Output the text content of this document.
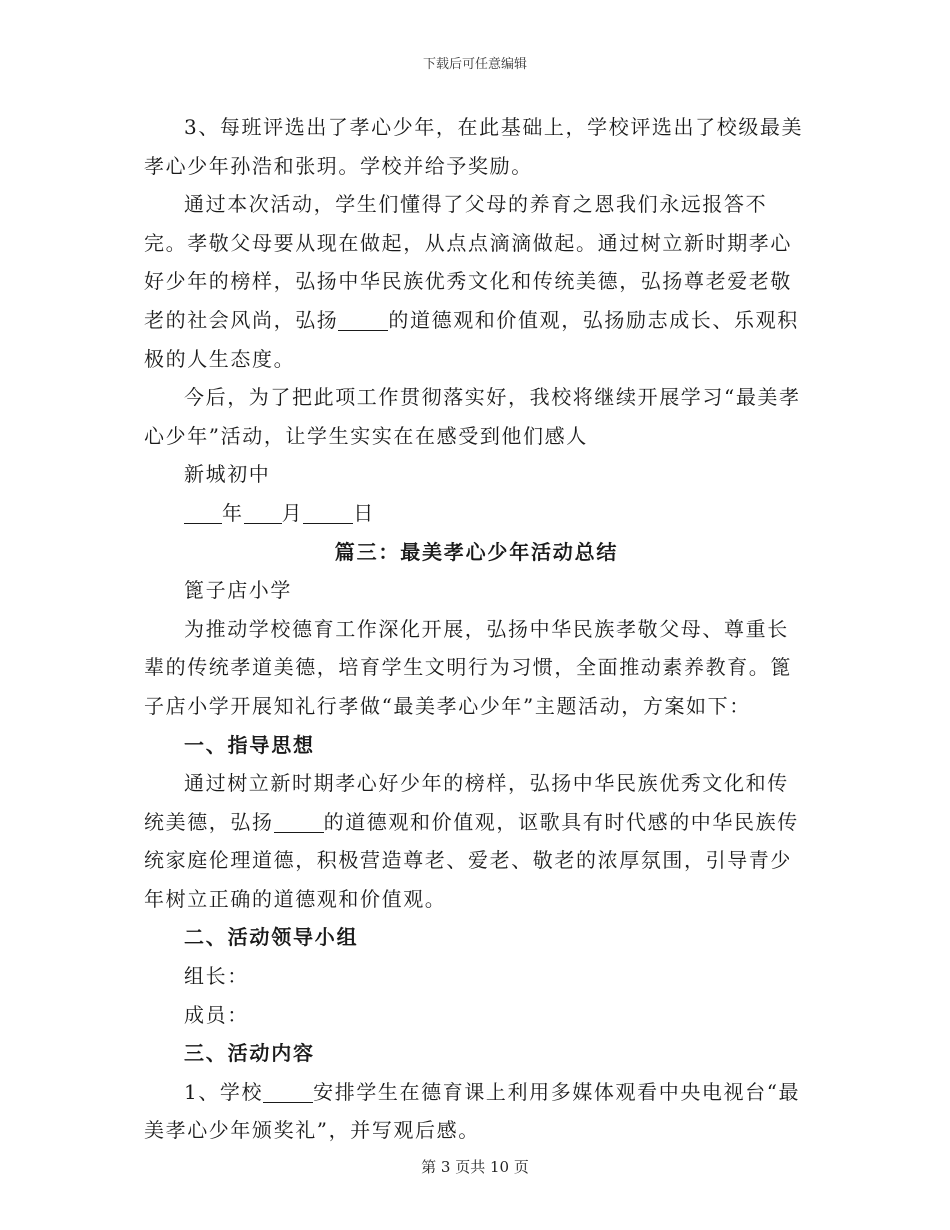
下载后可任意编辑

3、每班评选出了孝心少年，在此基础上，学校评选出了校级最美孝心少年孙浩和张玥。学校并给予奖励。

通过本次活动，学生们懂得了父母的养育之恩我们永远报答不完。孝敬父母要从现在做起，从点点滴滴做起。通过树立新时期孝心好少年的榜样，弘扬中华民族优秀文化和传统美德，弘扬尊老爱老敬老的社会风尚，弘扬	的道德观和价值观，弘扬励志成长、乐观积极的人生态度。

今后，为了把此项工作贯彻落实好，我校将继续开展学习“最美孝心少年”活动，让学生实实在在感受到他们感人

新城初中

年 月	日

篇三：最美孝心少年活动总结

篦子店小学

为推动学校德育工作深化开展，弘扬中华民族孝敬父母、尊重长辈的传统孝道美德，培育学生文明行为习惯，全面推动素养教育。篦子店小学开展知礼行孝做“最美孝心少年”主题活动，方案如下：

一、指导思想

通过树立新时期孝心好少年的榜样，弘扬中华民族优秀文化和传统美德，弘扬	的道德观和价值观，讴歌具有时代感的中华民族传统家庭伦理道德，积极营造尊老、爱老、敬老的浓厚氛围，引导青少年树立正确的道德观和价值观。

二、活动领导小组

组长：

成员：

三、活动内容

1、学校	安排学生在德育课上利用多媒体观看中央电视台“最美孝心少年颁奖礼”，并写观后感。

第 3 页共 10 页
